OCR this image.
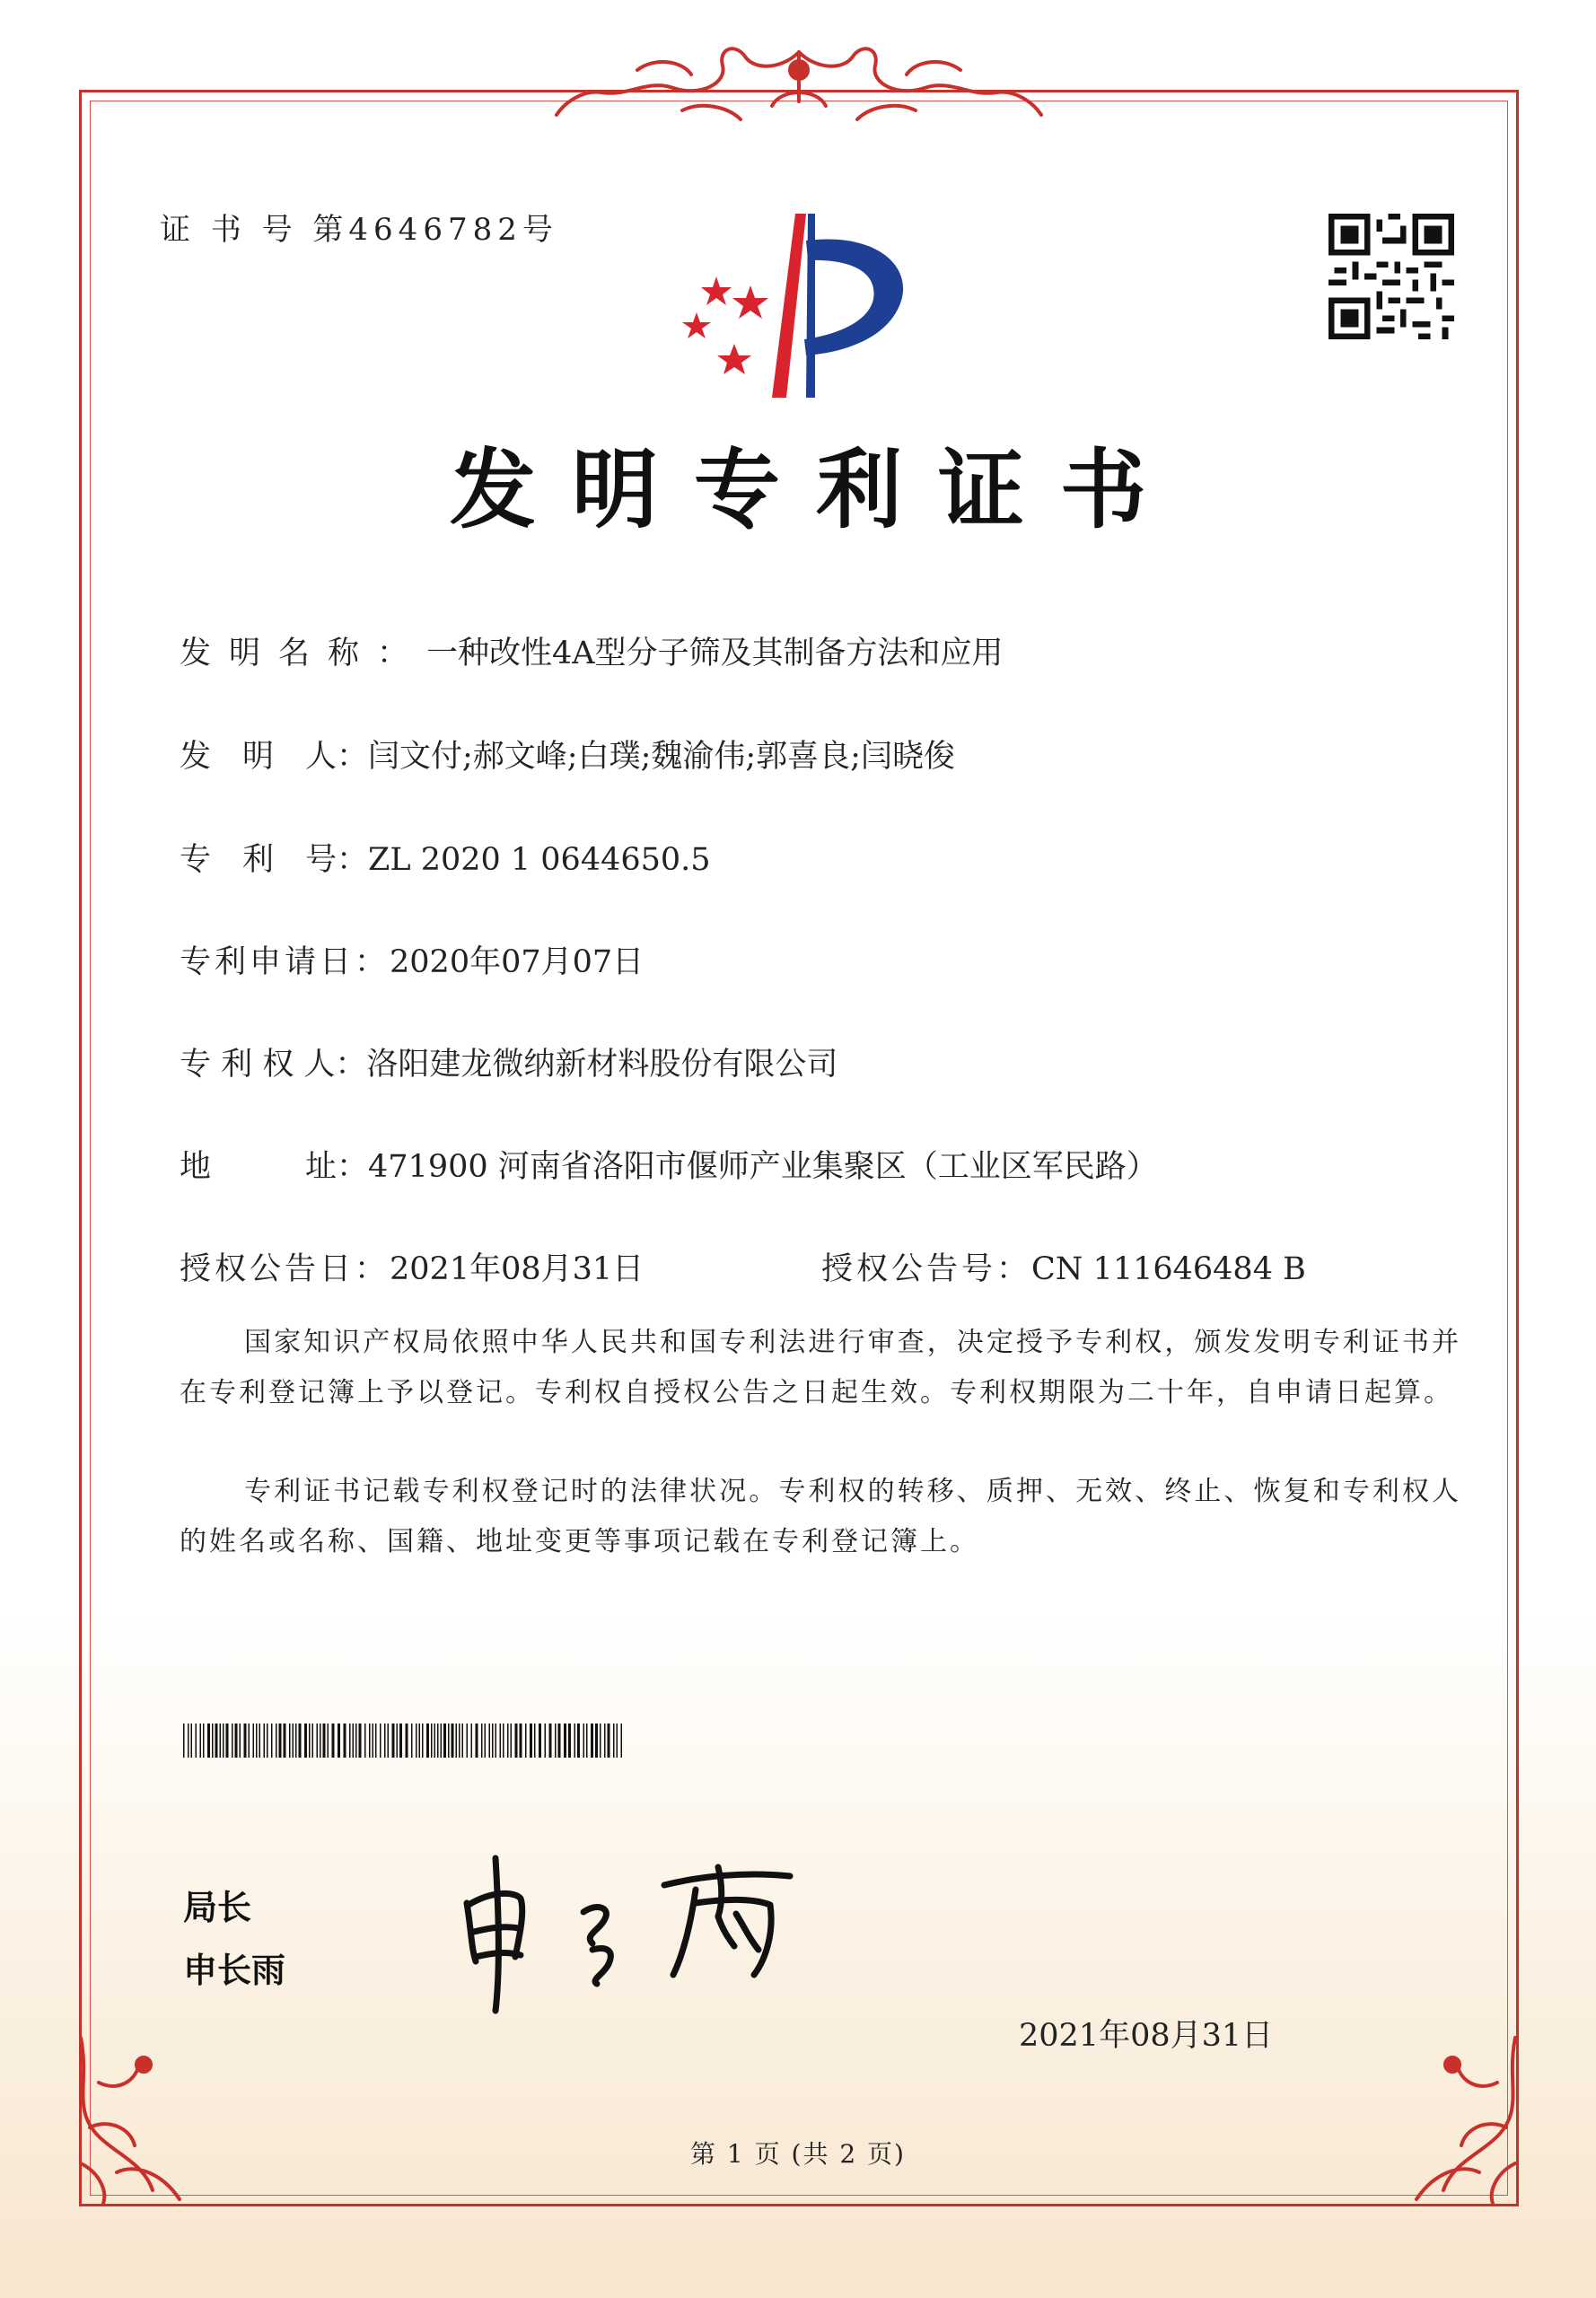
证 书 号 第4646782号
发明专利证书
发明名称：一种改性4A型分子筛及其制备方法和应用
发　明　人：闫文付;郝文峰;白璞;魏渝伟;郭喜良;闫晓俊
专　利　号：ZL 2020 1 0644650.5
专利申请日：2020年07月07日
专 利 权 人：洛阳建龙微纳新材料股份有限公司
地　　　址：471900 河南省洛阳市偃师产业集聚区（工业区军民路）
授权公告日：2021年08月31日	授权公告号：CN 111646484 B
国家知识产权局依照中华人民共和国专利法进行审查，决定授予专利权，颁发发明专利证书并在专利登记簿上予以登记。专利权自授权公告之日起生效。专利权期限为二十年，自申请日起算。
专利证书记载专利权登记时的法律状况。专利权的转移、质押、无效、终止、恢复和专利权人的姓名或名称、国籍、地址变更等事项记载在专利登记簿上。
局长
申长雨
2021年08月31日
第 1 页 (共 2 页)
